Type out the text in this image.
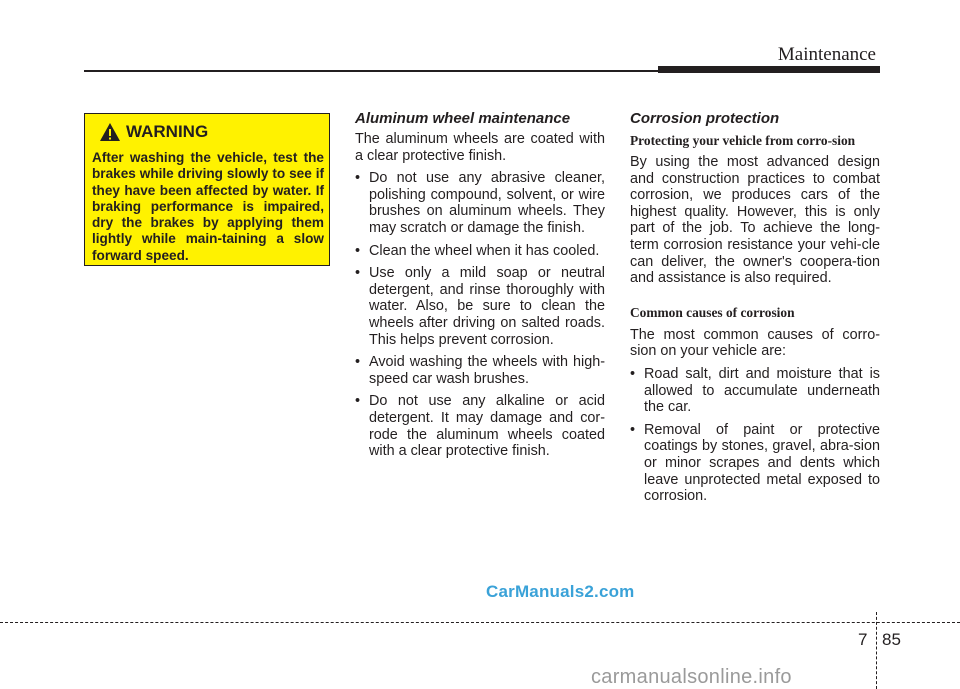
Maintenance
WARNING

After washing the vehicle, test the brakes while driving slowly to see if they have been affected by water. If braking performance is impaired, dry the brakes by applying them lightly while main-taining a slow forward speed.

Aluminum wheel maintenance

The aluminum wheels are coated with a clear protective finish.

• Do not use any abrasive cleaner, polishing compound, solvent, or wire brushes on aluminum wheels. They may scratch or damage the finish.
• Clean the wheel when it has cooled.
• Use only a mild soap or neutral detergent, and rinse thoroughly with water. Also, be sure to clean the wheels after driving on salted roads. This helps prevent corrosion.
• Avoid washing the wheels with high-speed car wash brushes.
• Do not use any alkaline or acid detergent. It may damage and cor-rode the aluminum wheels coated with a clear protective finish.
Corrosion protection
Protecting your vehicle from corro-sion

By using the most advanced design and construction practices to combat corrosion, we produces cars of the highest quality. However, this is only part of the job. To achieve the long-term corrosion resistance your vehi-cle can deliver, the owner's coopera-tion and assistance is also required.

Common causes of corrosion

The most common causes of corro-sion on your vehicle are:

• Road salt, dirt and moisture that is allowed to accumulate underneath the car.
• Removal of paint or protective coatings by stones, gravel, abra-sion or minor scrapes and dents which leave unprotected metal exposed to corrosion.
CarManuals2.com
7 85
carmanualsonline.info
